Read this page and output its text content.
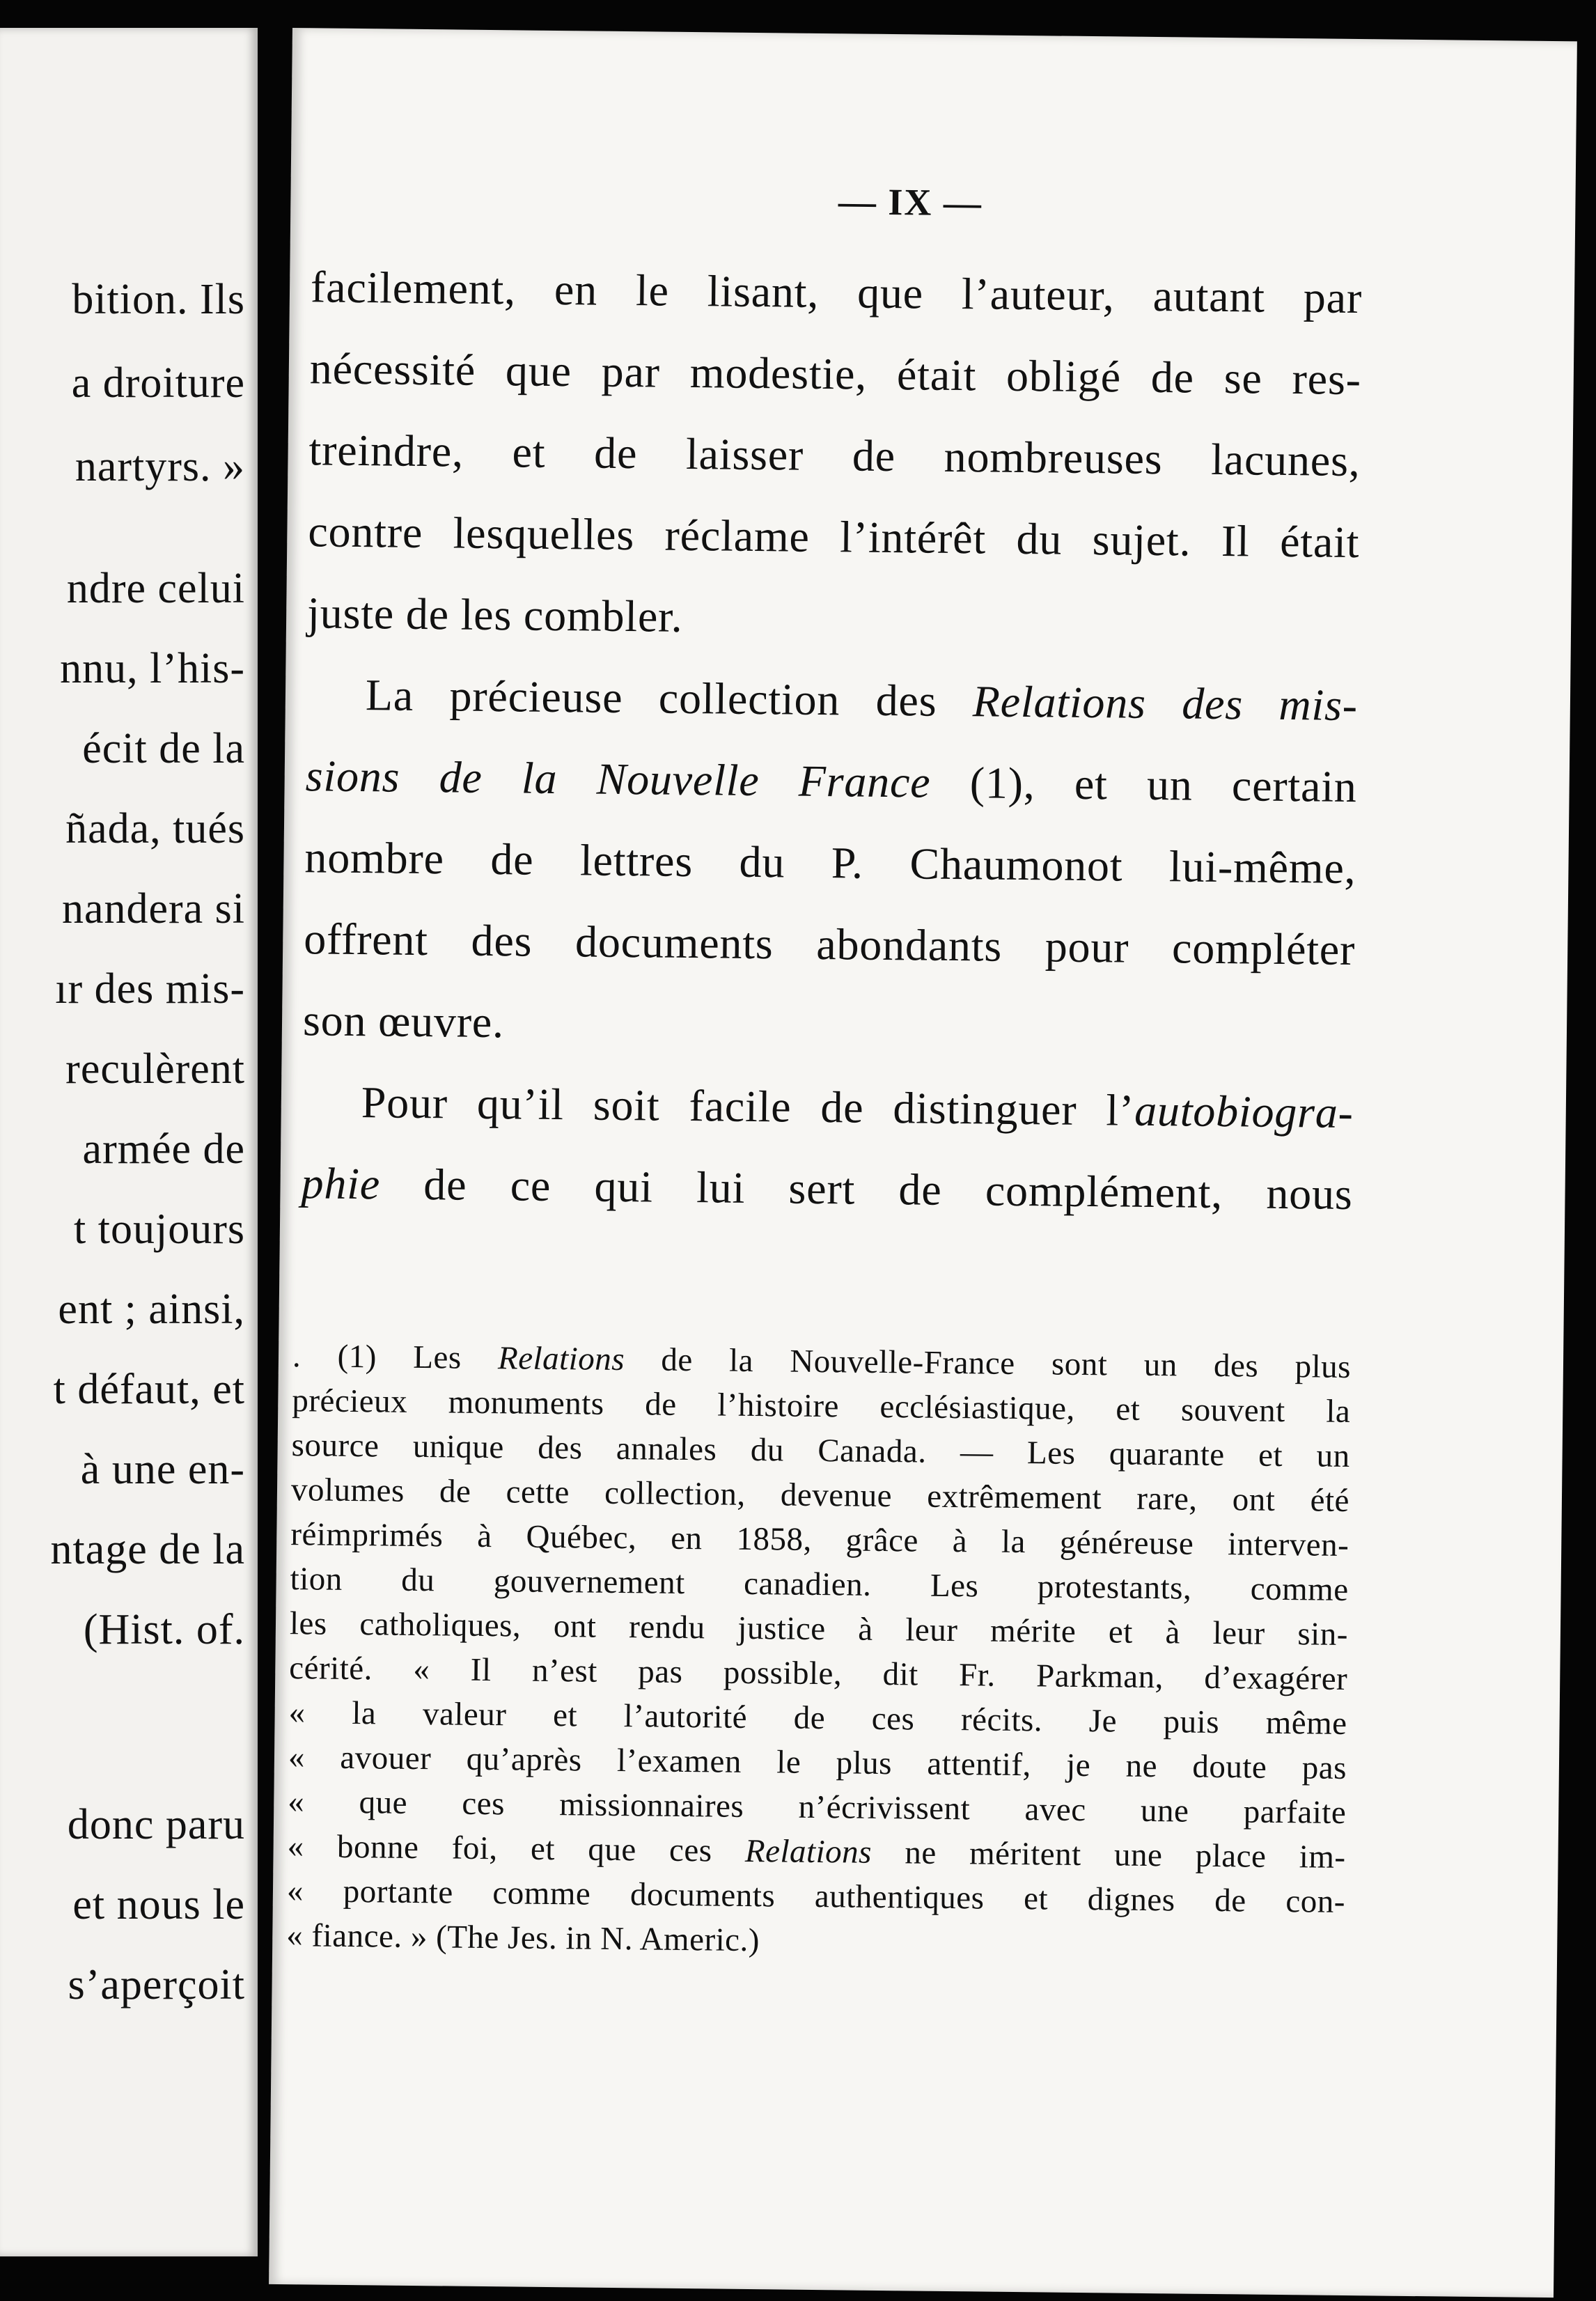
bition. Ils
a droiture
nartyrs. »
ndre celui
nnu, l’his-
écit de la
ñada, tués
nandera si
ır des mis-
reculèrent
armée de
t toujours
ent ; ainsi,
t défaut, et
à une en-
ntage de la
(Hist. of.
donc paru
et nous le
s’aperçoit
— IX —
facilement, en le lisant, que l’auteur, autant par
nécessité que par modestie, était obligé de se res-
treindre, et de laisser de nombreuses lacunes,
contre lesquelles réclame l’intérêt du sujet. Il était
juste de les combler.
La précieuse collection des Relations des mis-
sions de la Nouvelle France (1), et un certain
nombre de lettres du P. Chaumonot lui-même,
offrent des documents abondants pour compléter
son œuvre.
Pour qu’il soit facile de distinguer l’autobiogra-
phie de ce qui lui sert de complément, nous
. (1) Les Relations de la Nouvelle-France sont un des plus
précieux monuments de l’histoire ecclésiastique, et souvent la
source unique des annales du Canada. — Les quarante et un
volumes de cette collection, devenue extrêmement rare, ont été
réimprimés à Québec, en 1858, grâce à la généreuse interven-
tion du gouvernement canadien. Les protestants, comme
les catholiques, ont rendu justice à leur mérite et à leur sin-
cérité. « Il n’est pas possible, dit Fr. Parkman, d’exagérer
« la valeur et l’autorité de ces récits. Je puis même
« avouer qu’après l’examen le plus attentif, je ne doute pas
« que ces missionnaires n’écrivissent avec une parfaite
« bonne foi, et que ces Relations ne méritent une place im-
« portante comme documents authentiques et dignes de con-
« fiance. » (The Jes. in N. Americ.)
